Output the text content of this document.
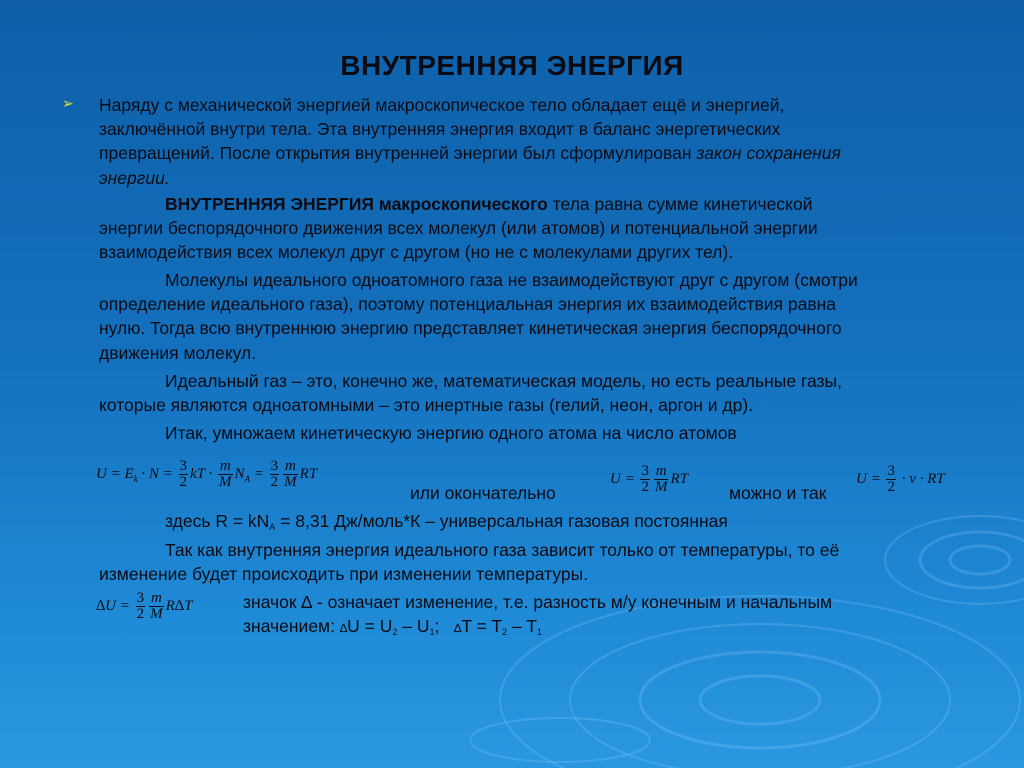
ВНУТРЕННЯЯ ЭНЕРГИЯ
➢ Наряду с механической энергией макроскопическое тело обладает ещё и энергией,
заключённой внутри тела. Эта внутренняя энергия входит в баланс энергетических
превращений. После открытия внутренней энергии был сформулирован закон сохранения
энергии.
ВНУТРЕННЯЯ ЭНЕРГИЯ макроскопического тела равна сумме кинетической
энергии беспорядочного движения всех молекул (или атомов) и потенциальной энергии
взаимодействия всех молекул друг с другом (но не с молекулами других тел).
Молекулы идеального одноатомного газа не взаимодействуют друг с другом (смотри
определение идеального газа), поэтому потенциальная энергия их взаимодействия равна
нулю. Тогда всю внутреннюю энергию представляет кинетическая энергия беспорядочного
движения молекул.
Идеальный газ – это, конечно же, математическая модель, но есть реальные газы,
которые являются одноатомными – это инертные газы (гелий, неон, аргон и др).
Итак, умножаем кинетическую энергию одного атома на число атомов
$U = E_k \cdot N = \frac{3}{2}$ kT · $\frac{m}{M} N_A = \frac{3}{2} \frac{m}{M}$ RT
или окончательно
$U = \frac{3}{2} \frac{m}{M}$ RT
можно и так
$U = \frac{3}{2} \cdot \nu$ · RT
здесь R = kNA = 8,31 Дж/моль*К – универсальная газовая постоянная
Так как внутренняя энергия идеального газа зависит только от температуры, то её
изменение будет происходить при изменении температуры.
$\Delta U = \frac{3}{2} \frac{m}{M} R\Delta T$	значок ∆ - означает изменение, т.е. разность м/у конечным и начальным
значением: ∆U = U2 – U1;   ∆T = T2 – T1
